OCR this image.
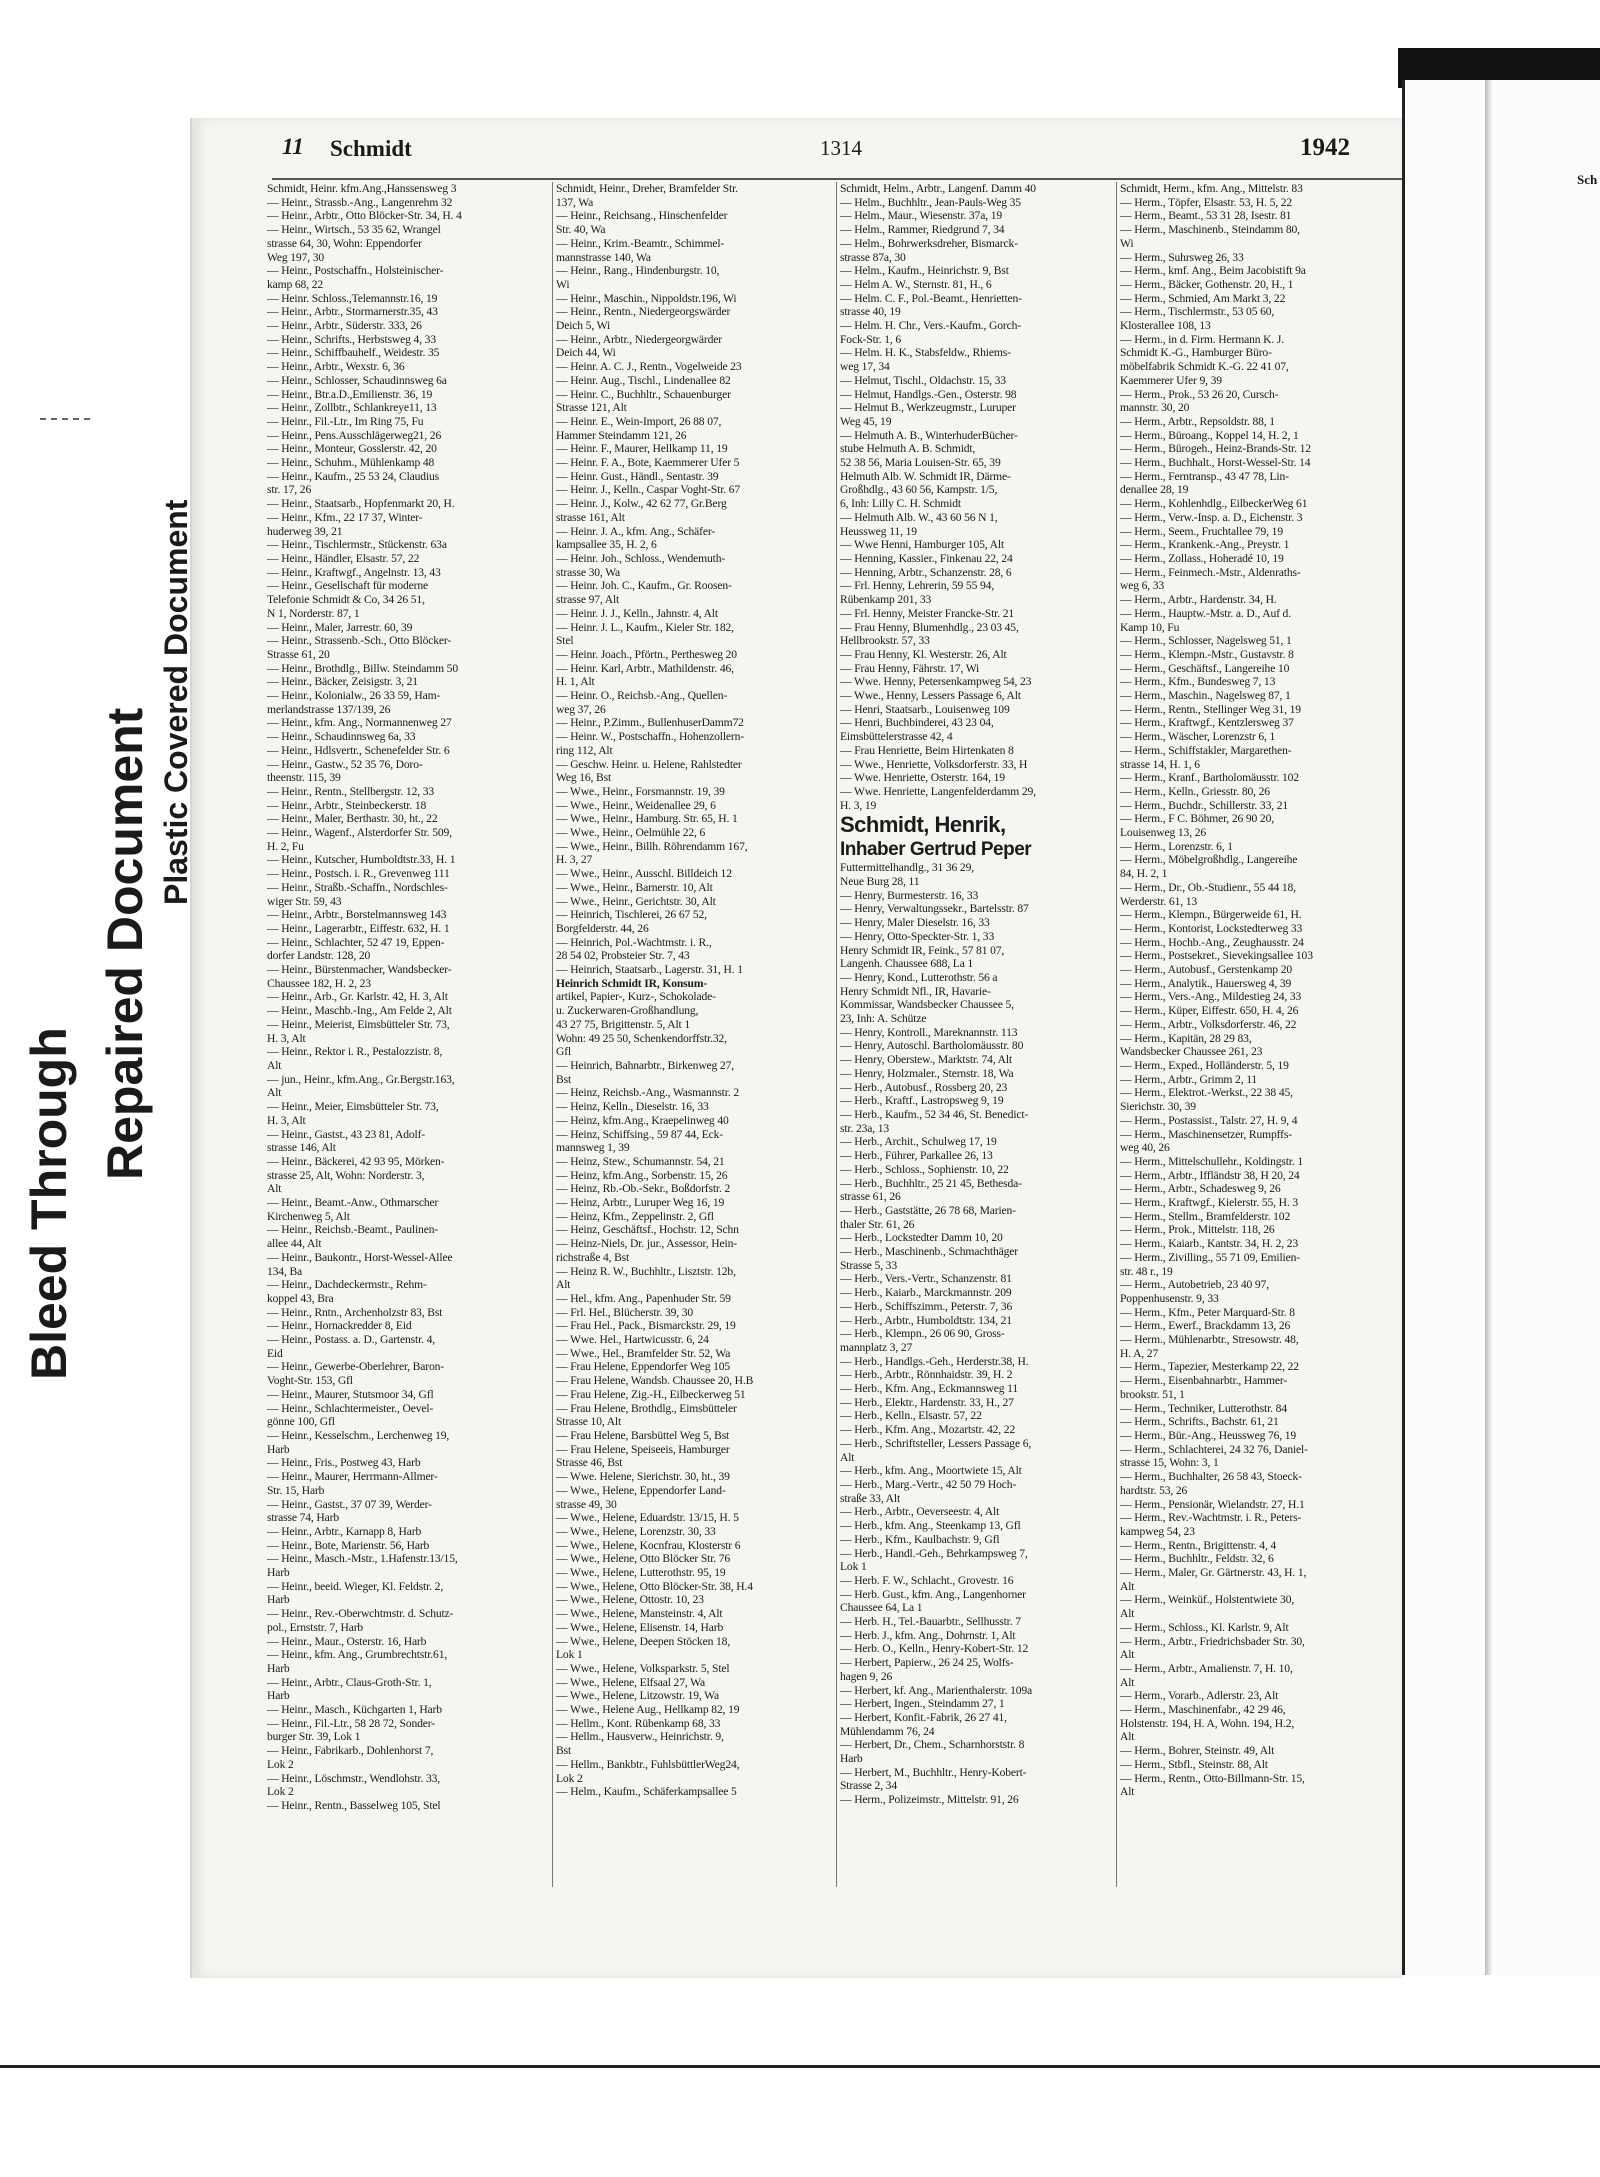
Sch
Bleed Through
Repaired Document
Plastic Covered Document
11 Schmidt	1314	1942
Schmidt, Heinr. kfm.Ang.,Hanssensweg 3
— Heinr., Strassb.-Ang., Langenrehm 32
— Heinr., Arbtr., Otto Blöcker-Str. 34, H. 4
— Heinr., Wirtsch., 53 35 62, Wrangel
strasse 64, 30, Wohn: Eppendorfer
Weg 197, 30
— Heinr., Postschaffn., Holsteinischer-
kamp 68, 22
— Heinr. Schloss.,Telemannstr.16, 19
— Heinr., Arbtr., Stormarnerstr.35, 43
— Heinr., Arbtr., Süderstr. 333, 26
— Heinr., Schrifts., Herbstsweg 4, 33
— Heinr., Schiffbauhelf., Weidestr. 35
— Heinr., Arbtr., Wexstr. 6, 36
— Heinr., Schlosser, Schaudinnsweg 6a
— Heinr., Btr.a.D.,Emilienstr. 36, 19
— Heinr., Zollbtr., Schlankreye11, 13
— Heinr., Fil.-Ltr., Im Ring 75, Fu
— Heinr., Pens.Ausschlägerweg21, 26
— Heinr., Monteur, Gosslerstr. 42, 20
— Heinr., Schuhm., Mühlenkamp 48
— Heinr., Kaufm., 25 53 24, Claudius
str. 17, 26
— Heinr., Staatsarb., Hopfenmarkt 20, H.
— Heinr., Kfm., 22 17 37, Winter-
huderweg 39, 21
— Heinr., Tischlermstr., Stückenstr. 63a
— Heinr., Händler, Elsastr. 57, 22
— Heinr., Kraftwgf., Angelnstr. 13, 43
— Heinr., Gesellschaft für moderne
Telefonie Schmidt & Co, 34 26 51,
N 1, Norderstr. 87, 1
— Heinr., Maler, Jarrestr. 60, 39
— Heinr., Strassenb.-Sch., Otto Blöcker-
Strasse 61, 20
— Heinr., Brothdlg., Billw. Steindamm 50
— Heinr., Bäcker, Zeisigstr. 3, 21
— Heinr., Kolonialw., 26 33 59, Ham-
merlandstrasse 137/139, 26
— Heinr., kfm. Ang., Normannenweg 27
— Heinr., Schaudinnsweg 6a, 33
— Heinr., Hdlsvertr., Schenefelder Str. 6
— Heinr., Gastw., 52 35 76, Doro-
theenstr. 115, 39
— Heinr., Rentn., Stellbergstr. 12, 33
— Heinr., Arbtr., Steinbeckerstr. 18
— Heinr., Maler, Berthastr. 30, ht., 22
— Heinr., Wagenf., Alsterdorfer Str. 509,
H. 2, Fu
— Heinr., Kutscher, Humboldtstr.33, H. 1
— Heinr., Postsch. i. R., Grevenweg 111
— Heinr., Straßb.-Schaffn., Nordschles-
wiger Str. 59, 43
— Heinr., Arbtr., Borstelmannsweg 143
— Heinr., Lagerarbtr., Eiffestr. 632, H. 1
— Heinr., Schlachter, 52 47 19, Eppen-
dorfer Landstr. 128, 20
— Heinr., Bürstenmacher, Wandsbecker-
Chaussee 182, H. 2, 23
— Heinr., Arb., Gr. Karlstr. 42, H. 3, Alt
— Heinr., Maschb.-Ing., Am Felde 2, Alt
— Heinr., Meierist, Eimsbütteler Str. 73,
H. 3, Alt
— Heinr., Rektor i. R., Pestalozzistr. 8,
Alt
— jun., Heinr., kfm.Ang., Gr.Bergstr.163,
Alt
— Heinr., Meier, Eimsbütteler Str. 73,
H. 3, Alt
— Heinr., Gastst., 43 23 81, Adolf-
strasse 146, Alt
— Heinr., Bäckerei, 42 93 95, Mörken-
strasse 25, Alt, Wohn: Norderstr. 3,
Alt
— Heinr., Beamt.-Anw., Othmarscher
Kirchenweg 5, Alt
— Heinr., Reichsb.-Beamt., Paulinen-
allee 44, Alt
— Heinr., Baukontr., Horst-Wessel-Allee
134, Ba
— Heinr., Dachdeckermstr., Rehm-
koppel 43, Bra
— Heinr., Rntn., Archenholzstr 83, Bst
— Heinr., Hornackredder 8, Eid
— Heinr., Postass. a. D., Gartenstr. 4,
Eid
— Heinr., Gewerbe-Oberlehrer, Baron-
Voght-Str. 153, Gfl
— Heinr., Maurer, Stutsmoor 34, Gfl
— Heinr., Schlachtermeister., Oevel-
gönne 100, Gfl
— Heinr., Kesselschm., Lerchenweg 19,
Harb
— Heinr., Fris., Postweg 43, Harb
— Heinr., Maurer, Herrmann-Allmer-
Str. 15, Harb
— Heinr., Gastst., 37 07 39, Werder-
strasse 74, Harb
— Heinr., Arbtr., Karnapp 8, Harb
— Heinr., Bote, Marienstr. 56, Harb
— Heinr., Masch.-Mstr., 1.Hafenstr.13/15,
Harb
— Heinr., beeid. Wieger, Kl. Feldstr. 2,
Harb
— Heinr., Rev.-Oberwchtmstr. d. Schutz-
pol., Ernststr. 7, Harb
— Heinr., Maur., Osterstr. 16, Harb
— Heinr., kfm. Ang., Grumbrechtstr.61,
Harb
— Heinr., Arbtr., Claus-Groth-Str. 1,
Harb
— Heinr., Masch., Küchgarten 1, Harb
— Heinr., Fil.-Ltr., 58 28 72, Sonder-
burger Str. 39, Lok 1
— Heinr., Fabrikarb., Dohlenhorst 7,
Lok 2
— Heinr., Löschmstr., Wendlohstr. 33,
Lok 2
— Heinr., Rentn., Basselweg 105, Stel
Schmidt, Heinr., Dreher, Bramfelder Str.
137, Wa
— Heinr., Reichsang., Hinschenfelder
Str. 40, Wa
— Heinr., Krim.-Beamtr., Schimmel-
mannstrasse 140, Wa
— Heinr., Rang., Hindenburgstr. 10,
Wi
— Heinr., Maschin., Nippoldstr.196, Wi
— Heinr., Rentn., Niedergeorgswärder
Deich 5, Wi
— Heinr., Arbtr., Niedergeorgwärder
Deich 44, Wi
— Heinr. A. C. J., Rentn., Vogelweide 23
— Heinr. Aug., Tischl., Lindenallee 82
— Heinr. C., Buchhltr., Schauenburger
Strasse 121, Alt
— Heinr. E., Wein-Import, 26 88 07,
Hammer Steindamm 121, 26
— Heinr. F., Maurer, Hellkamp 11, 19
— Heinr. F. A., Bote, Kaemmerer Ufer 5
— Heinr. Gust., Händl., Sentastr. 39
— Heinr. J., Kelln., Caspar Voght-Str. 67
— Heinr. J., Kolw., 42 62 77, Gr.Berg
strasse 161, Alt
— Heinr. J. A., kfm. Ang., Schäfer-
kampsallee 35, H. 2, 6
— Heinr. Joh., Schloss., Wendemuth-
strasse 30, Wa
— Heinr. Joh. C., Kaufm., Gr. Roosen-
strasse 97, Alt
— Heinr. J. J., Kelln., Jahnstr. 4, Alt
— Heinr. J. L., Kaufm., Kieler Str. 182,
Stel
— Heinr. Joach., Pförtn., Perthesweg 20
— Heinr. Karl, Arbtr., Mathildenstr. 46,
H. 1, Alt
— Heinr. O., Reichsb.-Ang., Quellen-
weg 37, 26
— Heinr., P.Zimm., BullenhuserDamm72
— Heinr. W., Postschaffn., Hohenzollern-
ring 112, Alt
— Geschw. Heinr. u. Helene, Rahlstedter
Weg 16, Bst
— Wwe., Heinr., Forsmannstr. 19, 39
— Wwe., Heinr., Weidenallee 29, 6
— Wwe., Heinr., Hamburg. Str. 65, H. 1
— Wwe., Heinr., Oelmühle 22, 6
— Wwe., Heinr., Billh. Röhrendamm 167,
H. 3, 27
— Wwe., Heinr., Ausschl. Billdeich 12
— Wwe., Heinr., Barnerstr. 10, Alt
— Wwe., Heinr., Gerichtstr. 30, Alt
— Heinrich, Tischlerei, 26 67 52,
Borgfelderstr. 44, 26
— Heinrich, Pol.-Wachtmstr. i. R.,
28 54 02, Probsteier Str. 7, 43
— Heinrich, Staatsarb., Lagerstr. 31, H. 1
Heinrich Schmidt IR, Konsum-
artikel, Papier-, Kurz-, Schokolade-
u. Zuckerwaren-Großhandlung,
43 27 75, Brigittenstr. 5, Alt 1
Wohn: 49 25 50, Schenkendorffstr.32,
Gfl
— Heinrich, Bahnarbtr., Birkenweg 27,
Bst
— Heinz, Reichsb.-Ang., Wasmannstr. 2
— Heinz, Kelln., Dieselstr. 16, 33
— Heinz, kfm.Ang., Kraepelinweg 40
— Heinz, Schiffsing., 59 87 44, Eck-
mannsweg 1, 39
— Heinz, Stew., Schumannstr. 54, 21
— Heinz, kfm.Ang., Sorbenstr. 15, 26
— Heinz, Rb.-Ob.-Sekr., Boßdorfstr. 2
— Heinz, Arbtr., Luruper Weg 16, 19
— Heinz, Kfm., Zeppelinstr. 2, Gfl
— Heinz, Geschäftsf., Hochstr. 12, Schn
— Heinz-Niels, Dr. jur., Assessor, Hein-
richstraße 4, Bst
— Heinz R. W., Buchhltr., Lisztstr. 12b,
Alt
— Hel., kfm. Ang., Papenhuder Str. 59
— Frl. Hel., Blücherstr. 39, 30
— Frau Hel., Pack., Bismarckstr. 29, 19
— Wwe. Hel., Hartwicusstr. 6, 24
— Wwe., Hel., Bramfelder Str. 52, Wa
— Frau Helene, Eppendorfer Weg 105
— Frau Helene, Wandsb. Chaussee 20, H.B
— Frau Helene, Zig.-H., Eilbeckerweg 51
— Frau Helene, Brothdlg., Eimsbütteler
Strasse 10, Alt
— Frau Helene, Barsbüttel Weg 5, Bst
— Frau Helene, Speiseeis, Hamburger
Strasse 46, Bst
— Wwe. Helene, Sierichstr. 30, ht., 39
— Wwe., Helene, Eppendorfer Land-
strasse 49, 30
— Wwe., Helene, Eduardstr. 13/15, H. 5
— Wwe., Helene, Lorenzstr. 30, 33
— Wwe., Helene, Kocnfrau, Klosterstr 6
— Wwe., Helene, Otto Blöcker Str. 76
— Wwe., Helene, Lutterothstr. 95, 19
— Wwe., Helene, Otto Blöcker-Str. 38, H.4
— Wwe., Helene, Ottostr. 10, 23
— Wwe., Helene, Mansteinstr. 4, Alt
— Wwe., Helene, Elisenstr. 14, Harb
— Wwe., Helene, Deepen Stöcken 18,
Lok 1
— Wwe., Helene, Volksparkstr. 5, Stel
— Wwe., Helene, Elfsaal 27, Wa
— Wwe., Helene, Litzowstr. 19, Wa
— Wwe., Helene Aug., Hellkamp 82, 19
— Hellm., Kont. Rübenkamp 68, 33
— Hellm., Hausverw., Heinrichstr. 9,
Bst
— Hellm., Bankbtr., FuhlsbüttlerWeg24,
Lok 2
— Helm., Kaufm., Schäferkampsallee 5
Schmidt, Helm., Arbtr., Langenf. Damm 40
— Helm., Buchhltr., Jean-Pauls-Weg 35
— Helm., Maur., Wiesenstr. 37a, 19
— Helm., Rammer, Riedgrund 7, 34
— Helm., Bohrwerksdreher, Bismarck-
strasse 87a, 30
— Helm., Kaufm., Heinrichstr. 9, Bst
— Helm A. W., Sternstr. 81, H., 6
— Helm. C. F., Pol.-Beamt., Henrietten-
strasse 40, 19
— Helm. H. Chr., Vers.-Kaufm., Gorch-
Fock-Str. 1, 6
— Helm. H. K., Stabsfeldw., Rhiems-
weg 17, 34
— Helmut, Tischl., Oldachstr. 15, 33
— Helmut, Handlgs.-Gen., Osterstr. 98
— Helmut B., Werkzeugmstr., Luruper
Weg 45, 19
— Helmuth A. B., WinterhuderBücher-
stube Helmuth A. B. Schmidt,
52 38 56, Maria Louisen-Str. 65, 39
Helmuth Alb. W. Schmidt IR, Därme-
Großhdlg., 43 60 56, Kampstr. 1/5,
6, Inh: Lilly C. H. Schmidt
— Helmuth Alb. W., 43 60 56 N 1,
Heussweg 11, 19
— Wwe Henni, Hamburger 105, Alt
— Henning, Kassier., Finkenau 22, 24
— Henning, Arbtr., Schanzenstr. 28, 6
— Frl. Henny, Lehrerin, 59 55 94,
Rübenkamp 201, 33
— Frl. Henny, Meister Francke-Str. 21
— Frau Henny, Blumenhdlg., 23 03 45,
Hellbrookstr. 57, 33
— Frau Henny, Kl. Westerstr. 26, Alt
— Frau Henny, Fährstr. 17, Wi
— Wwe. Henny, Petersenkampweg 54, 23
— Wwe., Henny, Lessers Passage 6, Alt
— Henri, Staatsarb., Louisenweg 109
— Henri, Buchbinderei, 43 23 04,
Eimsbüttelerstrasse 42, 4
— Frau Henriette, Beim Hirtenkaten 8
— Wwe., Henriette, Volksdorferstr. 33, H
— Wwe. Henriette, Osterstr. 164, 19
— Wwe. Henriette, Langenfelderdamm 29,
H. 3, 19
Schmidt, Henrik,
Inhaber Gertrud Peper
Futtermittelhandlg., 31 36 29,
Neue Burg 28, 11
— Henry, Burmesterstr. 16, 33
— Henry, Verwaltungssekr., Bartelsstr. 87
— Henry, Maler Dieselstr. 16, 33
— Henry, Otto-Speckter-Str. 1, 33
Henry Schmidt IR, Feink., 57 81 07,
Langenh. Chaussee 688, La 1
— Henry, Kond., Lutterothstr. 56 a
Henry Schmidt Nfl., IR, Havarie-
Kommissar, Wandsbecker Chaussee 5,
23, Inh: A. Schütze
— Henry, Kontroll., Mareknannstr. 113
— Henry, Autoschl. Bartholomäusstr. 80
— Henry, Oberstew., Marktstr. 74, Alt
— Henry, Holzmaler., Sternstr. 18, Wa
— Herb., Autobusf., Rossberg 20, 23
— Herb., Kraftf., Lastropsweg 9, 19
— Herb., Kaufm., 52 34 46, St. Benedict-
str. 23a, 13
— Herb., Archit., Schulweg 17, 19
— Herb., Führer, Parkallee 26, 13
— Herb., Schloss., Sophienstr. 10, 22
— Herb., Buchhltr., 25 21 45, Bethesda-
strasse 61, 26
— Herb., Gaststätte, 26 78 68, Marien-
thaler Str. 61, 26
— Herb., Lockstedter Damm 10, 20
— Herb., Maschinenb., Schmachthäger
Strasse 5, 33
— Herb., Vers.-Vertr., Schanzenstr. 81
— Herb., Kaiarb., Marckmannstr. 209
— Herb., Schiffszimm., Peterstr. 7, 36
— Herb., Arbtr., Humboldtstr. 134, 21
— Herb., Klempn., 26 06 90, Gross-
mannplatz 3, 27
— Herb., Handlgs.-Geh., Herderstr.38, H.
— Herb., Arbtr., Rönnhaidstr. 39, H. 2
— Herb., Kfm. Ang., Eckmannsweg 11
— Herb., Elektr., Hardenstr. 33, H., 27
— Herb., Kelln., Elsastr. 57, 22
— Herb., Kfm. Ang., Mozartstr. 42, 22
— Herb., Schriftsteller, Lessers Passage 6,
Alt
— Herb., kfm. Ang., Moortwiete 15, Alt
— Herb., Marg.-Vertr., 42 50 79 Hoch-
straße 33, Alt
— Herb., Arbtr., Oeverseestr. 4, Alt
— Herb., kfm. Ang., Steenkamp 13, Gfl
— Herb., Kfm., Kaulbachstr. 9, Gfl
— Herb., Handl.-Geh., Behrkampsweg 7,
Lok 1
— Herb. F. W., Schlacht., Grovestr. 16
— Herb. Gust., kfm. Ang., Langenhorner
Chaussee 64, La 1
— Herb. H., Tel.-Bauarbtr., Sellhusstr. 7
— Herb. J., kfm. Ang., Dohrnstr. 1, Alt
— Herb. O., Kelln., Henry-Kobert-Str. 12
— Herbert, Papierw., 26 24 25, Wolfs-
hagen 9, 26
— Herbert, kf. Ang., Marienthalerstr. 109a
— Herbert, Ingen., Steindamm 27, 1
— Herbert, Konfit.-Fabrik, 26 27 41,
Mühlendamm 76, 24
— Herbert, Dr., Chem., Scharnhorststr. 8
Harb
— Herbert, M., Buchhltr., Henry-Kobert-
Strasse 2, 34
— Herm., Polizeimstr., Mittelstr. 91, 26
Schmidt, Herm., kfm. Ang., Mittelstr. 83
— Herm., Töpfer, Elsastr. 53, H. 5, 22
— Herm., Beamt., 53 31 28, Isestr. 81
— Herm., Maschinenb., Steindamm 80,
Wi
— Herm., Suhrsweg 26, 33
— Herm., kmf. Ang., Beim Jacobistift 9a
— Herm., Bäcker, Gothenstr. 20, H., 1
— Herm., Schmied, Am Markt 3, 22
— Herm., Tischlermstr., 53 05 60,
Klosterallee 108, 13
— Herm., in d. Firm. Hermann K. J.
Schmidt K.-G., Hamburger Büro-
möbelfabrik Schmidt K.-G. 22 41 07,
Kaemmerer Ufer 9, 39
— Herm., Prok., 53 26 20, Cursch-
mannstr. 30, 20
— Herm., Arbtr., Repsoldstr. 88, 1
— Herm., Büroang., Koppel 14, H. 2, 1
— Herm., Bürogeh., Heinz-Brands-Str. 12
— Herm., Buchhalt., Horst-Wessel-Str. 14
— Herm., Ferntransp., 43 47 78, Lin-
denallee 28, 19
— Herm., Kohlenhdlg., EilbeckerWeg 61
— Herm., Verw.-Insp. a. D., Eichenstr. 3
— Herm., Seem., Fruchtallee 79, 19
— Herm., Krankenk.-Ang., Preystr. 1
— Herm., Zollass., Hoheradé 10, 19
— Herm., Feinmech.-Mstr., Aldenraths-
weg 6, 33
— Herm., Arbtr., Hardenstr. 34, H.
— Herm., Hauptw.-Mstr. a. D., Auf d.
Kamp 10, Fu
— Herm., Schlosser, Nagelsweg 51, 1
— Herm., Klempn.-Mstr., Gustavstr. 8
— Herm., Geschäftsf., Langereihe 10
— Herm., Kfm., Bundesweg 7, 13
— Herm., Maschin., Nagelsweg 87, 1
— Herm., Rentn., Stellinger Weg 31, 19
— Herm., Kraftwgf., Kentzlersweg 37
— Herm., Wäscher, Lorenzstr 6, 1
— Herm., Schiffstakler, Margarethen-
strasse 14, H. 1, 6
— Herm., Kranf., Bartholomäusstr. 102
— Herm., Kelln., Griesstr. 80, 26
— Herm., Buchdr., Schillerstr. 33, 21
— Herm., F C. Böhmer, 26 90 20,
Louisenweg 13, 26
— Herm., Lorenzstr. 6, 1
— Herm., Möbelgroßhdlg., Langereihe
84, H. 2, 1
— Herm., Dr., Ob.-Studienr., 55 44 18,
Werderstr. 61, 13
— Herm., Klempn., Bürgerweide 61, H.
— Herm., Kontorist, Lockstedterweg 33
— Herm., Hochb.-Ang., Zeughausstr. 24
— Herm., Postsekret., Sievekingsallee 103
— Herm., Autobusf., Gerstenkamp 20
— Herm., Analytik., Hauersweg 4, 39
— Herm., Vers.-Ang., Mildestieg 24, 33
— Herm., Küper, Eiffestr. 650, H. 4, 26
— Herm., Arbtr., Volksdorferstr. 46, 22
— Herm., Kapitän, 28 29 83,
Wandsbecker Chaussee 261, 23
— Herm., Exped., Holländerstr. 5, 19
— Herm., Arbtr., Grimm 2, 11
— Herm., Elektrot.-Werkst., 22 38 45,
Sierichstr. 30, 39
— Herm., Postassist., Talstr. 27, H. 9, 4
— Herm., Maschinensetzer, Rumpffs-
weg 40, 26
— Herm., Mittelschullehr., Koldingstr. 1
— Herm., Arbtr., Iffländstr 38, H 20, 24
— Herm., Arbtr., Schadesweg 9, 26
— Herm., Kraftwgf., Kielerstr. 55, H. 3
— Herm., Stellm., Bramfelderstr. 102
— Herm., Prok., Mittelstr. 118, 26
— Herm., Kaiarb., Kantstr. 34, H. 2, 23
— Herm., Zivilling., 55 71 09, Emilien-
str. 48 r., 19
— Herm., Autobetrieb, 23 40 97,
Poppenhusenstr. 9, 33
— Herm., Kfm., Peter Marquard-Str. 8
— Herm., Ewerf., Brackdamm 13, 26
— Herm., Mühlenarbtr., Stresowstr. 48,
H. A, 27
— Herm., Tapezier, Mesterkamp 22, 22
— Herm., Eisenbahnarbtr., Hammer-
brookstr. 51, 1
— Herm., Techniker, Lutterothstr. 84
— Herm., Schrifts., Bachstr. 61, 21
— Herm., Bür.-Ang., Heussweg 76, 19
— Herm., Schlachterei, 24 32 76, Daniel-
strasse 15, Wohn: 3, 1
— Herm., Buchhalter, 26 58 43, Stoeck-
hardtstr. 53, 26
— Herm., Pensionär, Wielandstr. 27, H.1
— Herm., Rev.-Wachtmstr. i. R., Peters-
kampweg 54, 23
— Herm., Rentn., Brigittenstr. 4, 4
— Herm., Buchhltr., Feldstr. 32, 6
— Herm., Maler, Gr. Gärtnerstr. 43, H. 1,
Alt
— Herm., Weinküf., Holstentwiete 30,
Alt
— Herm., Schloss., Kl. Karlstr. 9, Alt
— Herm., Arbtr., Friedrichsbader Str. 30,
Alt
— Herm., Arbtr., Amalienstr. 7, H. 10,
Alt
— Herm., Vorarb., Adlerstr. 23, Alt
— Herm., Maschinenfabr., 42 29 46,
Holstenstr. 194, H. A, Wohn. 194, H.2,
Alt
— Herm., Bohrer, Steinstr. 49, Alt
— Herm., Stbfl., Steinstr. 88, Alt
— Herm., Rentn., Otto-Billmann-Str. 15,
Alt
